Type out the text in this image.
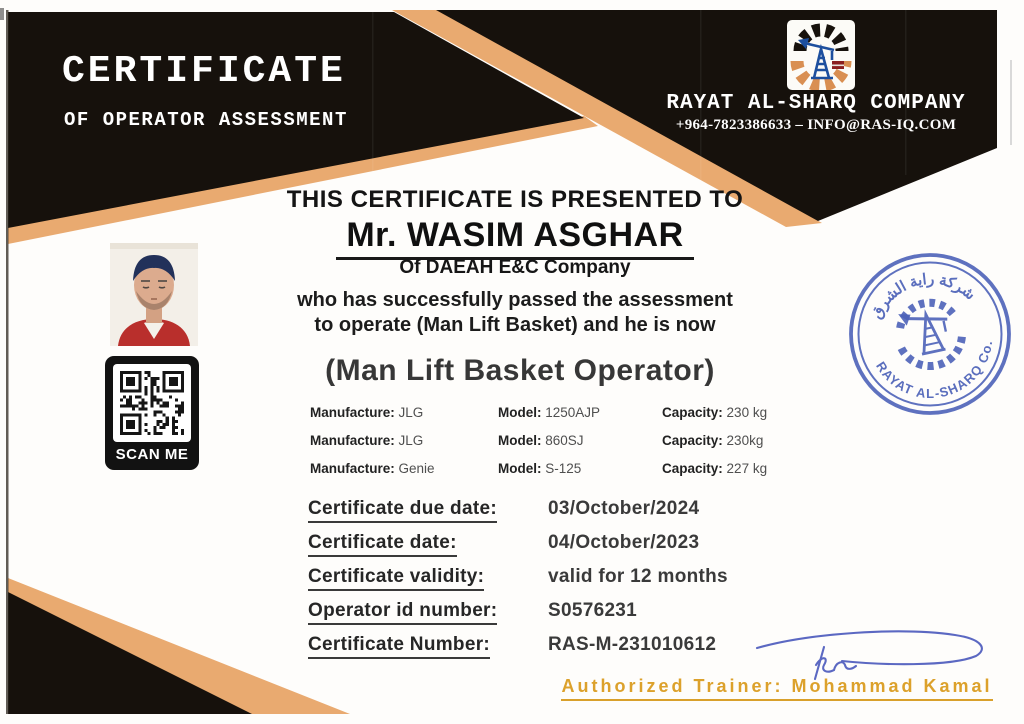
CERTIFICATE
OF OPERATOR ASSESSMENT
RAYAT AL-SHARQ COMPANY
+964-7823386633 – INFO@RAS-IQ.COM
SCAN ME
THIS CERTIFICATE IS PRESENTED TO
Mr. WASIM ASGHAR
Of DAEAH E&C Company
who has successfully passed the assessment
to operate (Man Lift Basket) and he is now
(Man Lift Basket Operator)
Manufacture: JLG	Model: 1250AJP	Capacity: 230 kg
Manufacture: JLG	Model: 860SJ	Capacity: 230kg
Manufacture: Genie	Model: S-125	Capacity: 227 kg
Certificate due date:	03/October/2024
Certificate date:	04/October/2023
Certificate validity:	valid for 12 months
Operator id number:	S0576231
Certificate Number:	RAS-M-231010612
شركة راية الشرق
RAYAT AL-SHARQ Co.
Authorized Trainer: Mohammad Kamal
